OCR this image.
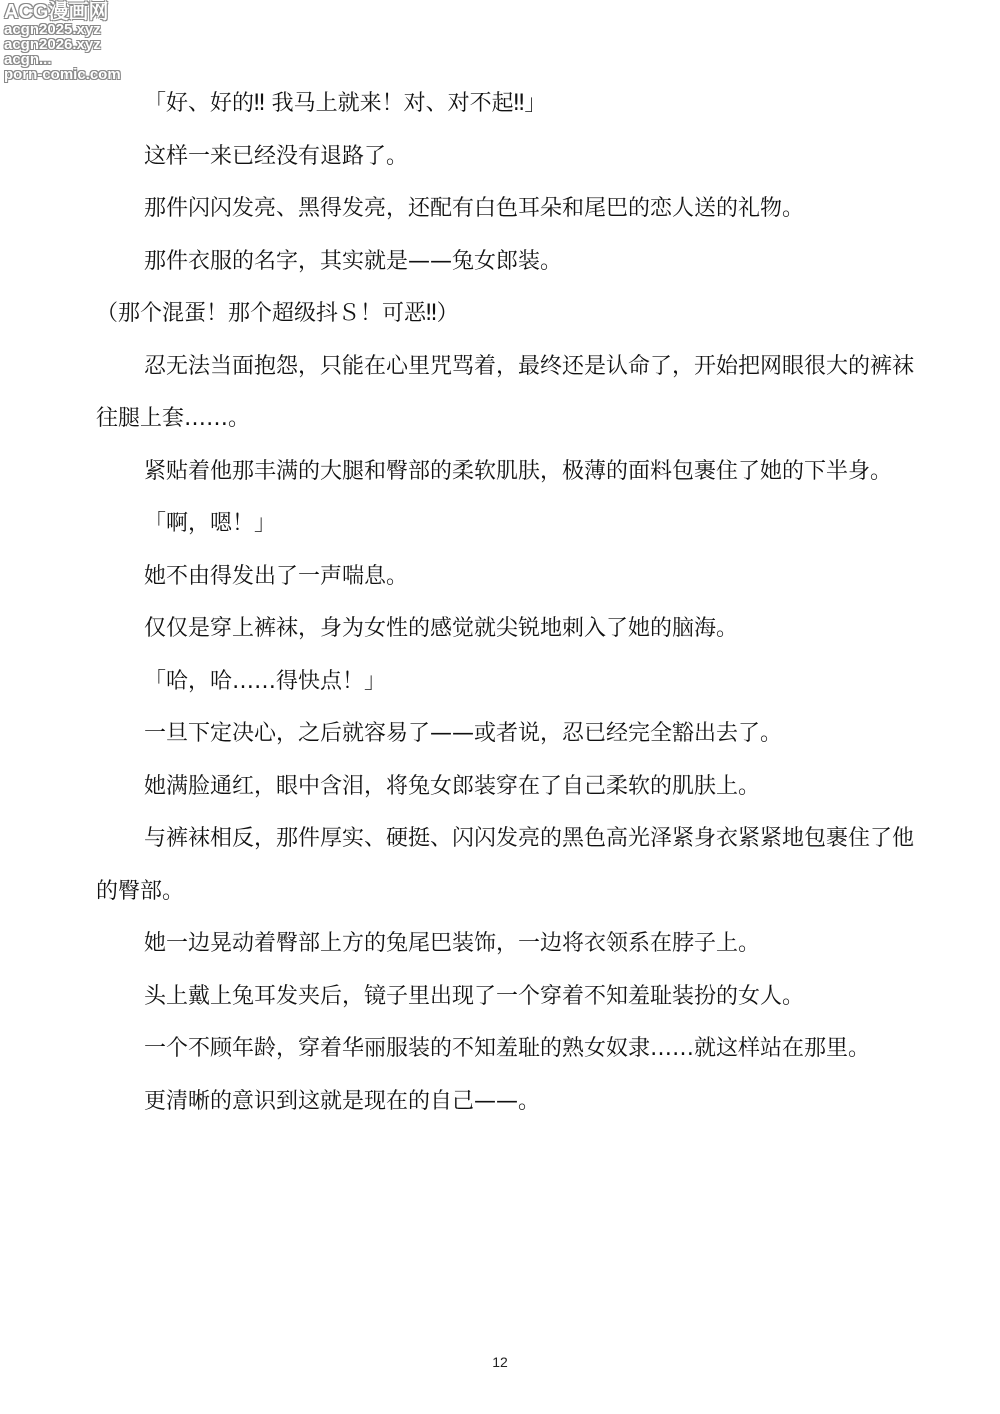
ACG漫画网
acgn2025.xyz
acgn2026.xyz
acgn...
porn-comic.com

「好、好的‼ 我马上就来！对、对不起‼」

这样一来已经没有退路了。

那件闪闪发亮、黑得发亮，还配有白色耳朵和尾巴的恋人送的礼物。

那件衣服的名字，其实就是——兔女郎装。

（那个混蛋！那个超级抖Ｓ！可恶‼）

忍无法当面抱怨，只能在心里咒骂着，最终还是认命了，开始把网眼很大的裤袜往腿上套……。

紧贴着他那丰满的大腿和臀部的柔软肌肤，极薄的面料包裹住了她的下半身。

「啊，嗯！」

她不由得发出了一声喘息。

仅仅是穿上裤袜，身为女性的感觉就尖锐地刺入了她的脑海。

「哈，哈……得快点！」

一旦下定决心，之后就容易了——或者说，忍已经完全豁出去了。

她满脸通红，眼中含泪，将兔女郎装穿在了自己柔软的肌肤上。

与裤袜相反，那件厚实、硬挺、闪闪发亮的黑色高光泽紧身衣紧紧地包裹住了他的臀部。

她一边晃动着臀部上方的兔尾巴装饰，一边将衣领系在脖子上。

头上戴上兔耳发夹后，镜子里出现了一个穿着不知羞耻装扮的女人。

一个不顾年龄，穿着华丽服装的不知羞耻的熟女奴隶……就这样站在那里。

更清晰的意识到这就是现在的自己——。

12
